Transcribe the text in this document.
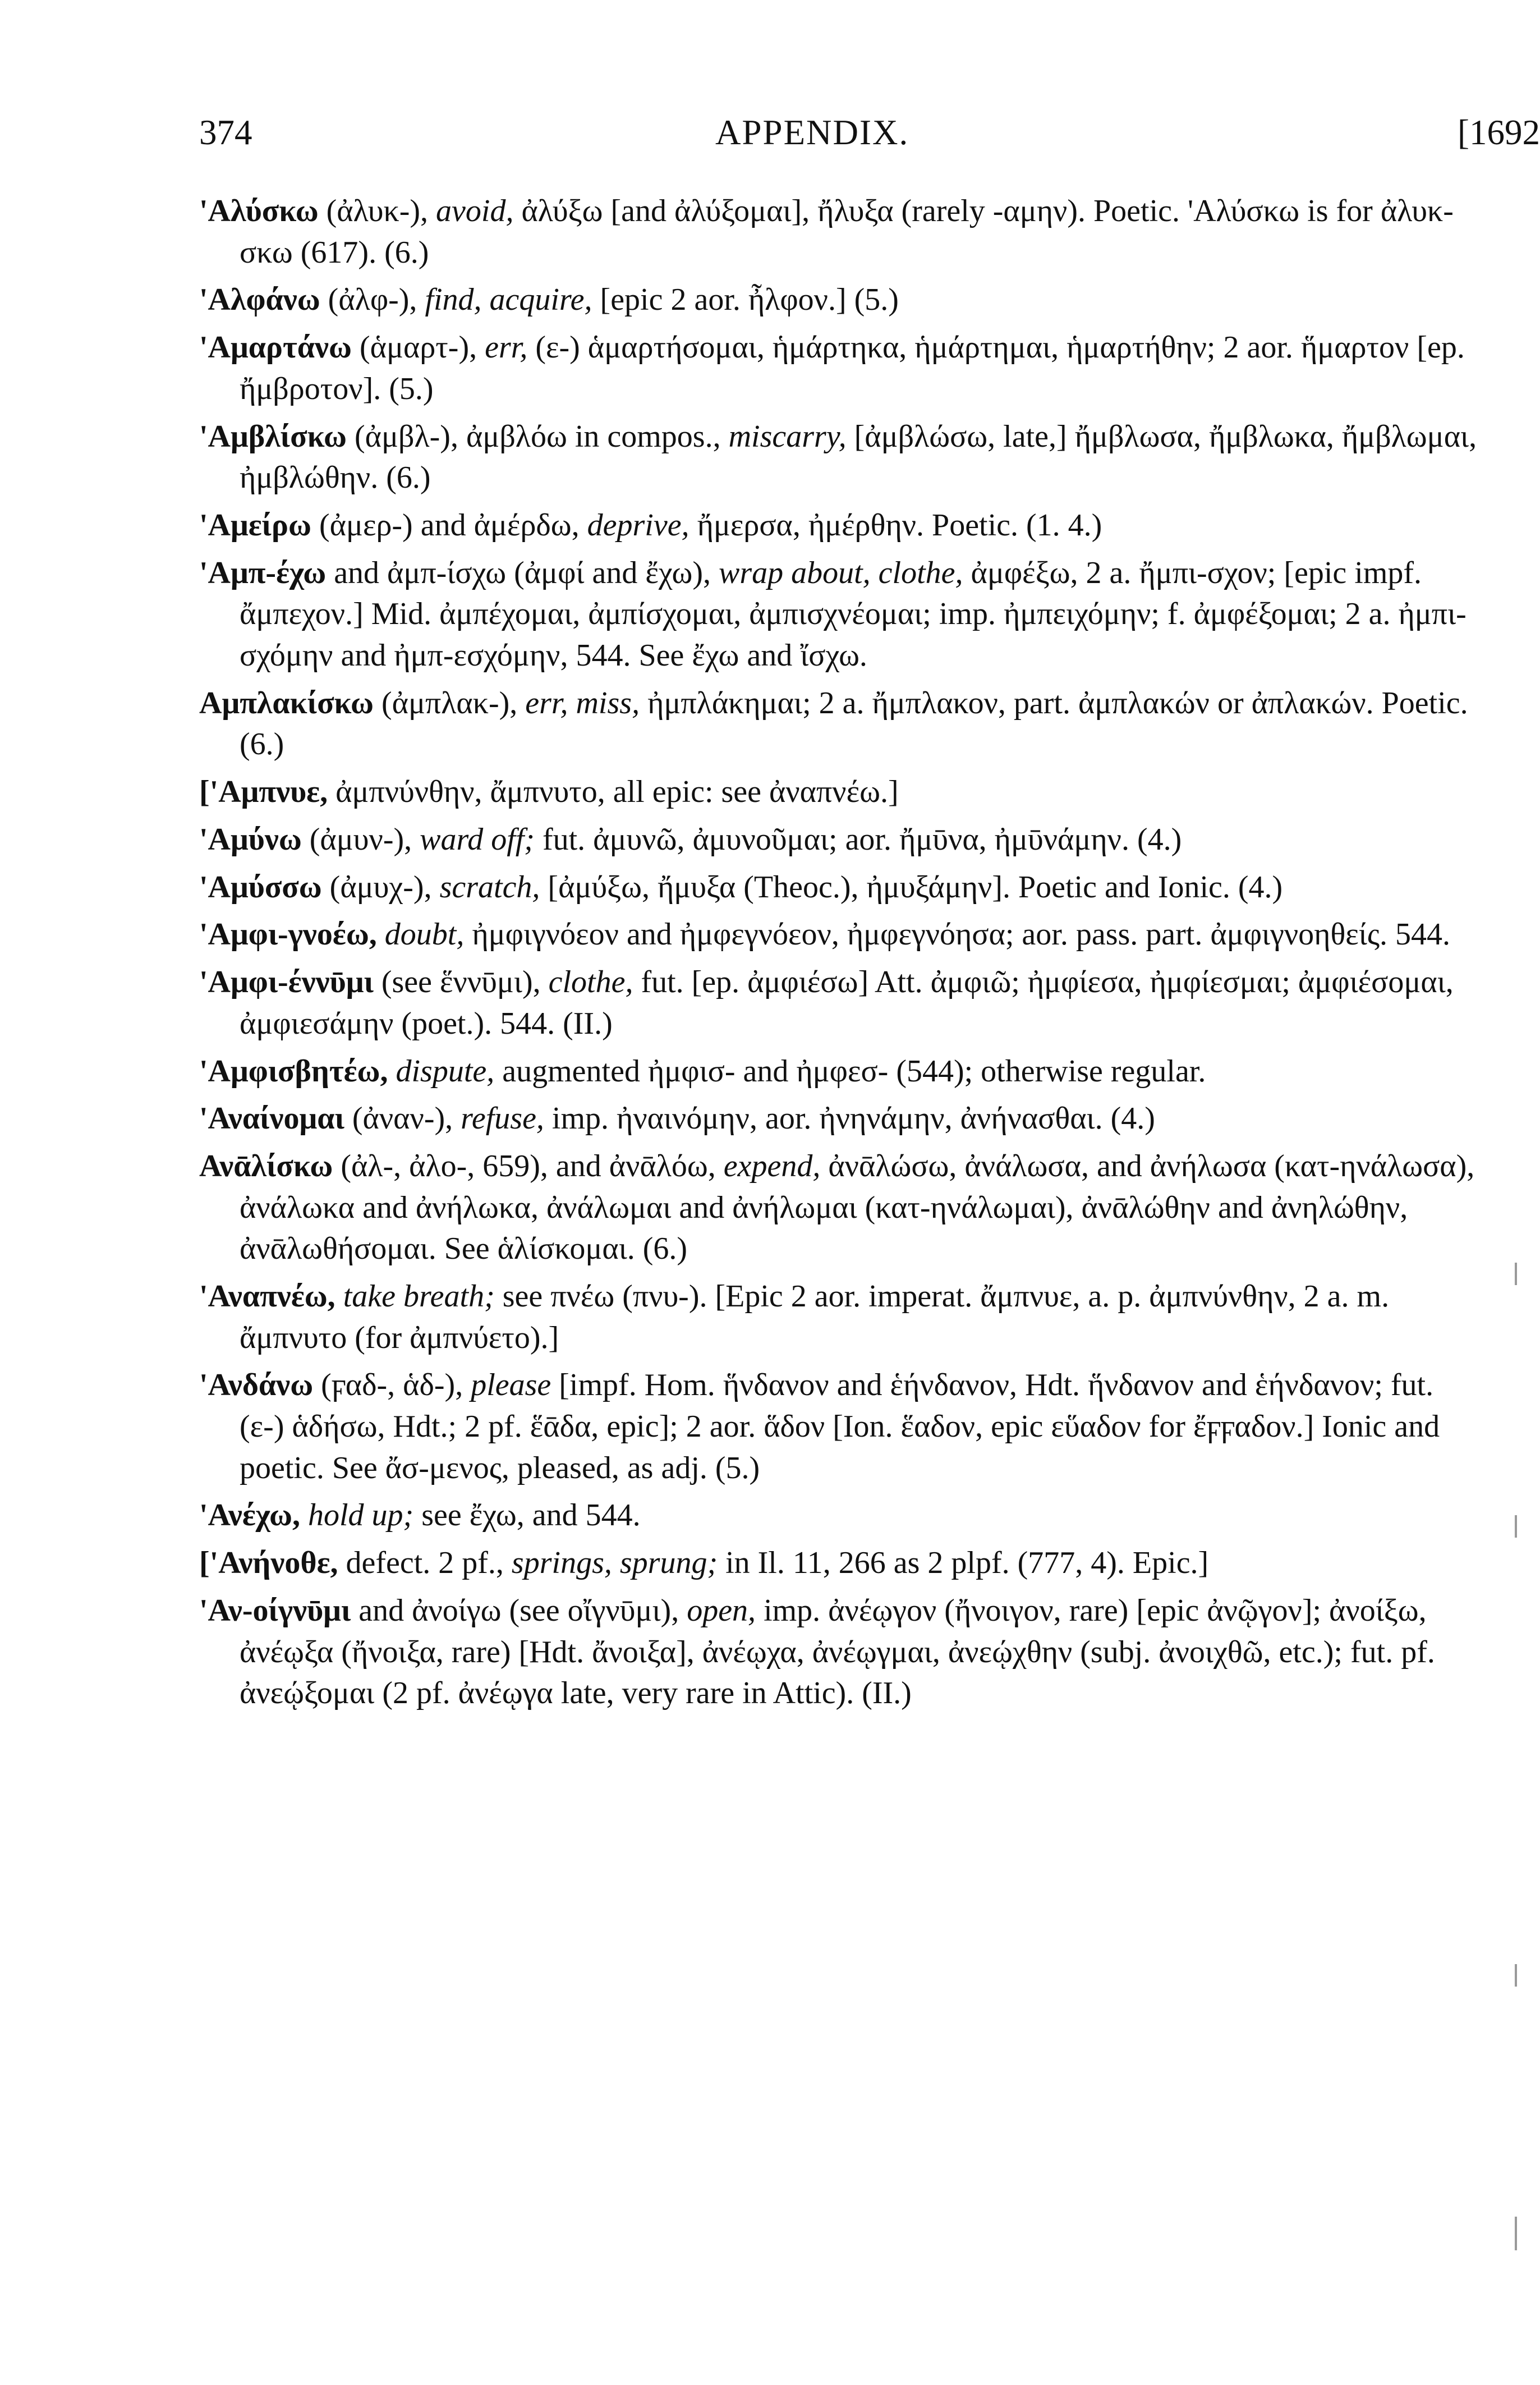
374	APPENDIX.	[1692
'Αλύσκω (ἀλυκ-), avoid, ἀλύξω [and ἀλύξομαι], ἤλυξα (rarely -αμην). Poetic. 'Αλύσκω is for ἀλυκ-σκω (617). (6.)
'Αλφάνω (ἀλφ-), find, acquire, [epic 2 aor. ἦλφον.] (5.)
'Αμαρτάνω (ἁμαρτ-), err, (ε-) ἁμαρτήσομαι, ἡμάρτηκα, ἡμάρτημαι, ἡμαρτήθην; 2 aor. ἥμαρτον [ep. ἤμβροτον]. (5.)
'Αμβλίσκω (ἀμβλ-), ἀμβλόω in compos., miscarry, [ἀμβλώσω, late,] ἤμβλωσα, ἤμβλωκα, ἤμβλωμαι, ἠμβλώθην. (6.)
'Αμείρω (ἀμερ-) and ἀμέρδω, deprive, ἤμερσα, ἠμέρθην. Poetic. (1. 4.)
'Αμπ-έχω and ἀμπ-ίσχω (ἀμφί and ἔχω), wrap about, clothe, ἀμφέξω, 2 a. ἤμπι-σχον; [epic impf. ἄμπεχον.] Mid. ἀμπέχομαι, ἀμπίσχομαι, ἀμπισχνέομαι; imp. ἠμπειχόμην; f. ἀμφέξομαι; 2 a. ἠμπι-σχόμην and ἠμπ-εσχόμην, 544. See ἔχω and ἴσχω.
Αμπλακίσκω (ἀμπλακ-), err, miss, ἠμπλάκημαι; 2 a. ἤμπλακον, part. ἀμπλακών or ἀπλακών. Poetic. (6.)
['Αμπνυε, ἀμπνύνθην, ἄμπνυτο, all epic: see ἀναπνέω.]
'Αμύνω (ἀμυν-), ward off; fut. ἀμυνῶ, ἀμυνοῦμαι; aor. ἤμῡνα, ἠμῡνάμην. (4.)
'Αμύσσω (ἀμυχ-), scratch, [ἀμύξω, ἤμυξα (Theoc.), ἠμυξάμην]. Poetic and Ionic. (4.)
'Αμφι-γνοέω, doubt, ἠμφιγνόεον and ἠμφεγνόεον, ἠμφεγνόησα; aor. pass. part. ἀμφιγνοηθείς. 544.
'Αμφι-έννῡμι (see ἕννῡμι), clothe, fut. [ep. ἀμφιέσω] Att. ἀμφιῶ; ἠμφίεσα, ἠμφίεσμαι; ἀμφιέσομαι, ἀμφιεσάμην (poet.). 544. (II.)
'Αμφισβητέω, dispute, augmented ἠμφισ- and ἠμφεσ- (544); otherwise regular.
'Αναίνομαι (ἀναν-), refuse, imp. ἠναινόμην, aor. ἠνηνάμην, ἀνήνασθαι. (4.)
Ανᾱλίσκω (ἀλ-, ἀλο-, 659), and ἀνᾱλόω, expend, ἀνᾱλώσω, ἀνάλωσα, and ἀνήλωσα (κατ-ηνάλωσα), ἀνάλωκα and ἀνήλωκα, ἀνάλωμαι and ἀνήλωμαι (κατ-ηνάλωμαι), ἀνᾱλώθην and ἀνηλώθην, ἀνᾱλωθήσομαι. See ἁλίσκομαι. (6.)
'Αναπνέω, take breath; see πνέω (πνυ-). [Epic 2 aor. imperat. ἄμπνυε, a. p. ἀμπνύνθην, 2 a. m. ἄμπνυτο (for ἀμπνύετο).]
'Ανδάνω (ϝαδ-, ἁδ-), please [impf. Hom. ἥνδανον and ἑήνδανον, Hdt. ἥνδανον and ἑήνδανον; fut. (ε-) ἁδήσω, Hdt.; 2 pf. ἕᾱδα, epic]; 2 aor. ἅδον [Ion. ἕαδον, epic εὕαδον for ἔϝϝαδον.] Ionic and poetic. See ἄσ-μενος, pleased, as adj. (5.)
'Ανέχω, hold up; see ἔχω, and 544.
['Ανήνοθε, defect. 2 pf., springs, sprung; in Il. 11, 266 as 2 plpf. (777, 4). Epic.]
'Αν-οίγνῡμι and ἀνοίγω (see οἴγνῡμι), open, imp. ἀνέῳγον (ἤνοιγον, rare) [epic ἀνῷγον]; ἀνοίξω, ἀνέῳξα (ἤνοιξα, rare) [Hdt. ἄνοιξα], ἀνέῳχα, ἀνέῳγμαι, ἀνεῴχθην (subj. ἀνοιχθῶ, etc.); fut. pf. ἀνεῴξομαι (2 pf. ἀνέῳγα late, very rare in Attic). (II.)
